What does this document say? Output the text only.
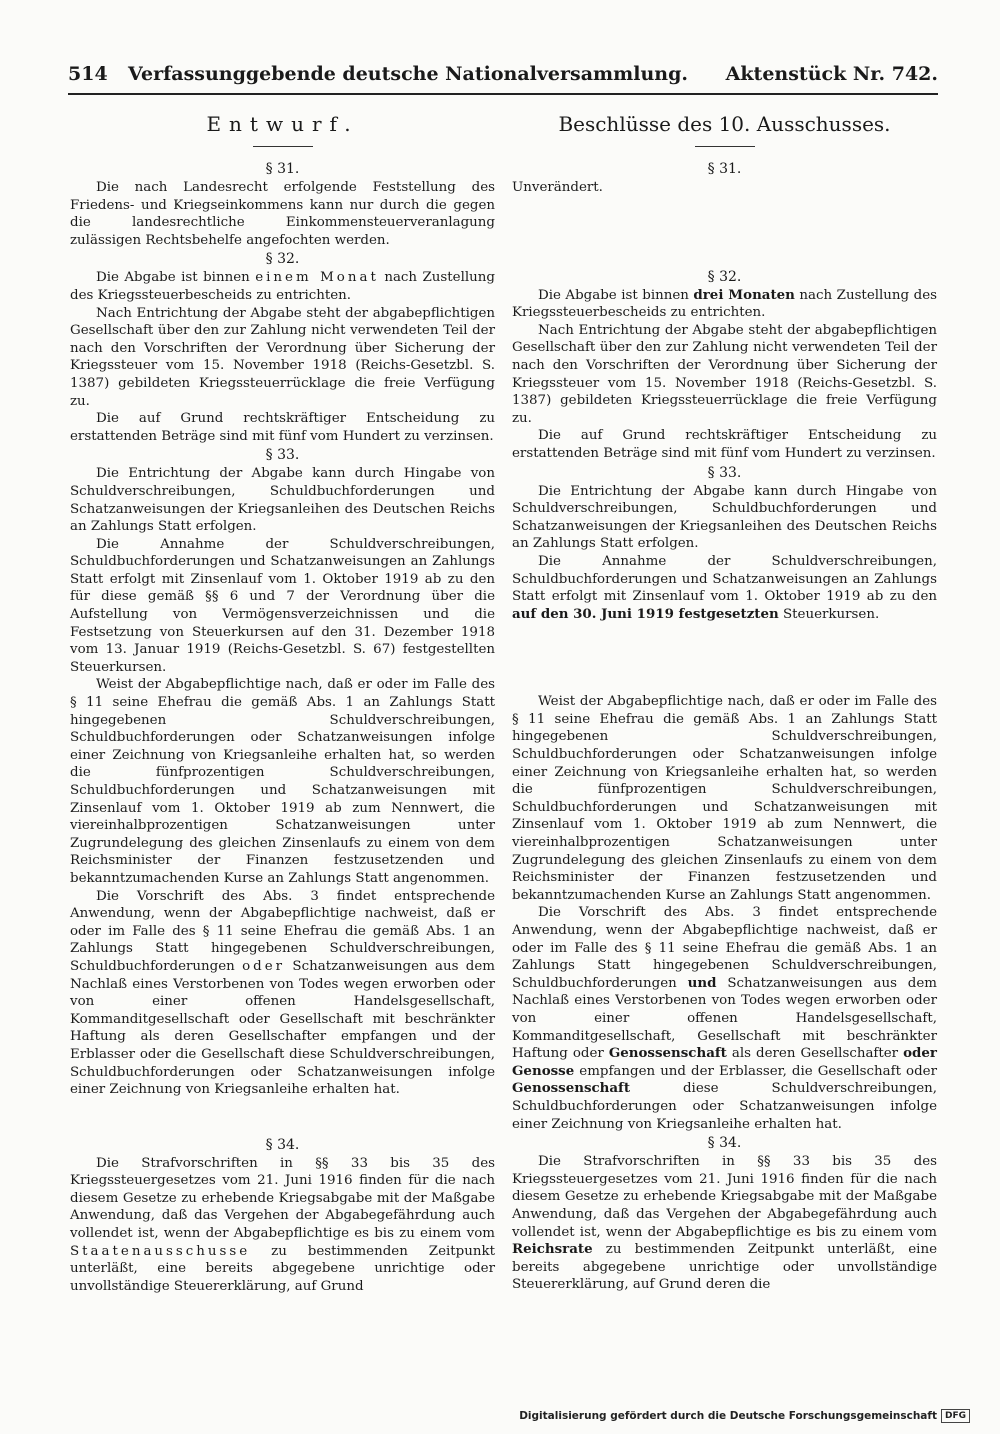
514	Verfassunggebende deutsche Nationalversammlung.	Aktenstück Nr. 742.
Entwurf.
§ 31.

Die nach Landesrecht erfolgende Feststellung des Friedens- und Kriegseinkommens kann nur durch die gegen die landesrechtliche Einkommensteuerveranlagung zulässigen Rechtsbehelfe angefochten werden.

§ 32.

Die Abgabe ist binnen einem Monat nach Zustellung des Kriegssteuerbescheids zu entrichten.

Nach Entrichtung der Abgabe steht der abgabepflichtigen Gesellschaft über den zur Zahlung nicht verwendeten Teil der nach den Vorschriften der Verordnung über Sicherung der Kriegssteuer vom 15. November 1918 (Reichs-Gesetzbl. S. 1387) gebildeten Kriegssteuerrücklage die freie Verfügung zu.

Die auf Grund rechtskräftiger Entscheidung zu erstattenden Beträge sind mit fünf vom Hundert zu verzinsen.

§ 33.

Die Entrichtung der Abgabe kann durch Hingabe von Schuldverschreibungen, Schuldbuchforderungen und Schatzanweisungen der Kriegsanleihen des Deutschen Reichs an Zahlungs Statt erfolgen.

Die Annahme der Schuldverschreibungen, Schuldbuchforderungen und Schatzanweisungen an Zahlungs Statt erfolgt mit Zinsenlauf vom 1. Oktober 1919 ab zu den für diese gemäß §§ 6 und 7 der Verordnung über die Aufstellung von Vermögensverzeichnissen und die Festsetzung von Steuerkursen auf den 31. Dezember 1918 vom 13. Januar 1919 (Reichs-Gesetzbl. S. 67) festgestellten Steuerkursen.

Weist der Abgabepflichtige nach, daß er oder im Falle des § 11 seine Ehefrau die gemäß Abs. 1 an Zahlungs Statt hingegebenen Schuldverschreibungen, Schuldbuchforderungen oder Schatzanweisungen infolge einer Zeichnung von Kriegsanleihe erhalten hat, so werden die fünfprozentigen Schuldverschreibungen, Schuldbuchforderungen und Schatzanweisungen mit Zinsenlauf vom 1. Oktober 1919 ab zum Nennwert, die viereinhalbprozentigen Schatzanweisungen unter Zugrundelegung des gleichen Zinsenlaufs zu einem von dem Reichsminister der Finanzen festzusetzenden und bekanntzumachenden Kurse an Zahlungs Statt angenommen.

Die Vorschrift des Abs. 3 findet entsprechende Anwendung, wenn der Abgabepflichtige nachweist, daß er oder im Falle des § 11 seine Ehefrau die gemäß Abs. 1 an Zahlungs Statt hingegebenen Schuldverschreibungen, Schuldbuchforderungen oder Schatzanweisungen aus dem Nachlaß eines Verstorbenen von Todes wegen erworben oder von einer offenen Handelsgesellschaft, Kommanditgesellschaft oder Gesellschaft mit beschränkter Haftung als deren Gesellschafter empfangen und der Erblasser oder die Gesellschaft diese Schuldverschreibungen, Schuldbuchforderungen oder Schatzanweisungen infolge einer Zeichnung von Kriegsanleihe erhalten hat.

§ 34.

Die Strafvorschriften in §§ 33 bis 35 des Kriegssteuergesetzes vom 21. Juni 1916 finden für die nach diesem Gesetze zu erhebende Kriegsabgabe mit der Maßgabe Anwendung, daß das Vergehen der Abgabegefährdung auch vollendet ist, wenn der Abgabepflichtige es bis zu einem vom Staatenausschusse zu bestimmenden Zeitpunkt unterläßt, eine bereits abgegebene unrichtige oder unvollständige Steuererklärung, auf Grund

Beschlüsse des 10. Ausschusses.
§ 31.

Unverändert.

§ 32.

Die Abgabe ist binnen drei Monaten nach Zustellung des Kriegssteuerbescheids zu entrichten.

Nach Entrichtung der Abgabe steht der abgabepflichtigen Gesellschaft über den zur Zahlung nicht verwendeten Teil der nach den Vorschriften der Verordnung über Sicherung der Kriegssteuer vom 15. November 1918 (Reichs-Gesetzbl. S. 1387) gebildeten Kriegssteuerrücklage die freie Verfügung zu.

Die auf Grund rechtskräftiger Entscheidung zu erstattenden Beträge sind mit fünf vom Hundert zu verzinsen.

§ 33.

Die Entrichtung der Abgabe kann durch Hingabe von Schuldverschreibungen, Schuldbuchforderungen und Schatzanweisungen der Kriegsanleihen des Deutschen Reichs an Zahlungs Statt erfolgen.

Die Annahme der Schuldverschreibungen, Schuldbuchforderungen und Schatzanweisungen an Zahlungs Statt erfolgt mit Zinsenlauf vom 1. Oktober 1919 ab zu den auf den 30. Juni 1919 festgesetzten Steuerkursen.

Weist der Abgabepflichtige nach, daß er oder im Falle des § 11 seine Ehefrau die gemäß Abs. 1 an Zahlungs Statt hingegebenen Schuldverschreibungen, Schuldbuchforderungen oder Schatzanweisungen infolge einer Zeichnung von Kriegsanleihe erhalten hat, so werden die fünfprozentigen Schuldverschreibungen, Schuldbuchforderungen und Schatzanweisungen mit Zinsenlauf vom 1. Oktober 1919 ab zum Nennwert, die viereinhalbprozentigen Schatzanweisungen unter Zugrundelegung des gleichen Zinsenlaufs zu einem von dem Reichsminister der Finanzen festzusetzenden und bekanntzumachenden Kurse an Zahlungs Statt angenommen.

Die Vorschrift des Abs. 3 findet entsprechende Anwendung, wenn der Abgabepflichtige nachweist, daß er oder im Falle des § 11 seine Ehefrau die gemäß Abs. 1 an Zahlungs Statt hingegebenen Schuldverschreibungen, Schuldbuchforderungen und Schatzanweisungen aus dem Nachlaß eines Verstorbenen von Todes wegen erworben oder von einer offenen Handelsgesellschaft, Kommanditgesellschaft, Gesellschaft mit beschränkter Haftung oder Genossenschaft als deren Gesellschafter oder Genosse empfangen und der Erblasser, die Gesellschaft oder Genossenschaft diese Schuldverschreibungen, Schuldbuchforderungen oder Schatzanweisungen infolge einer Zeichnung von Kriegsanleihe erhalten hat.

§ 34.

Die Strafvorschriften in §§ 33 bis 35 des Kriegssteuergesetzes vom 21. Juni 1916 finden für die nach diesem Gesetze zu erhebende Kriegsabgabe mit der Maßgabe Anwendung, daß das Vergehen der Abgabegefährdung auch vollendet ist, wenn der Abgabepflichtige es bis zu einem vom Reichsrate zu bestimmenden Zeitpunkt unterläßt, eine bereits abgegebene unrichtige oder unvollständige Steuererklärung, auf Grund deren die

Digitalisierung gefördert durch die Deutsche Forschungsgemeinschaft DFG
